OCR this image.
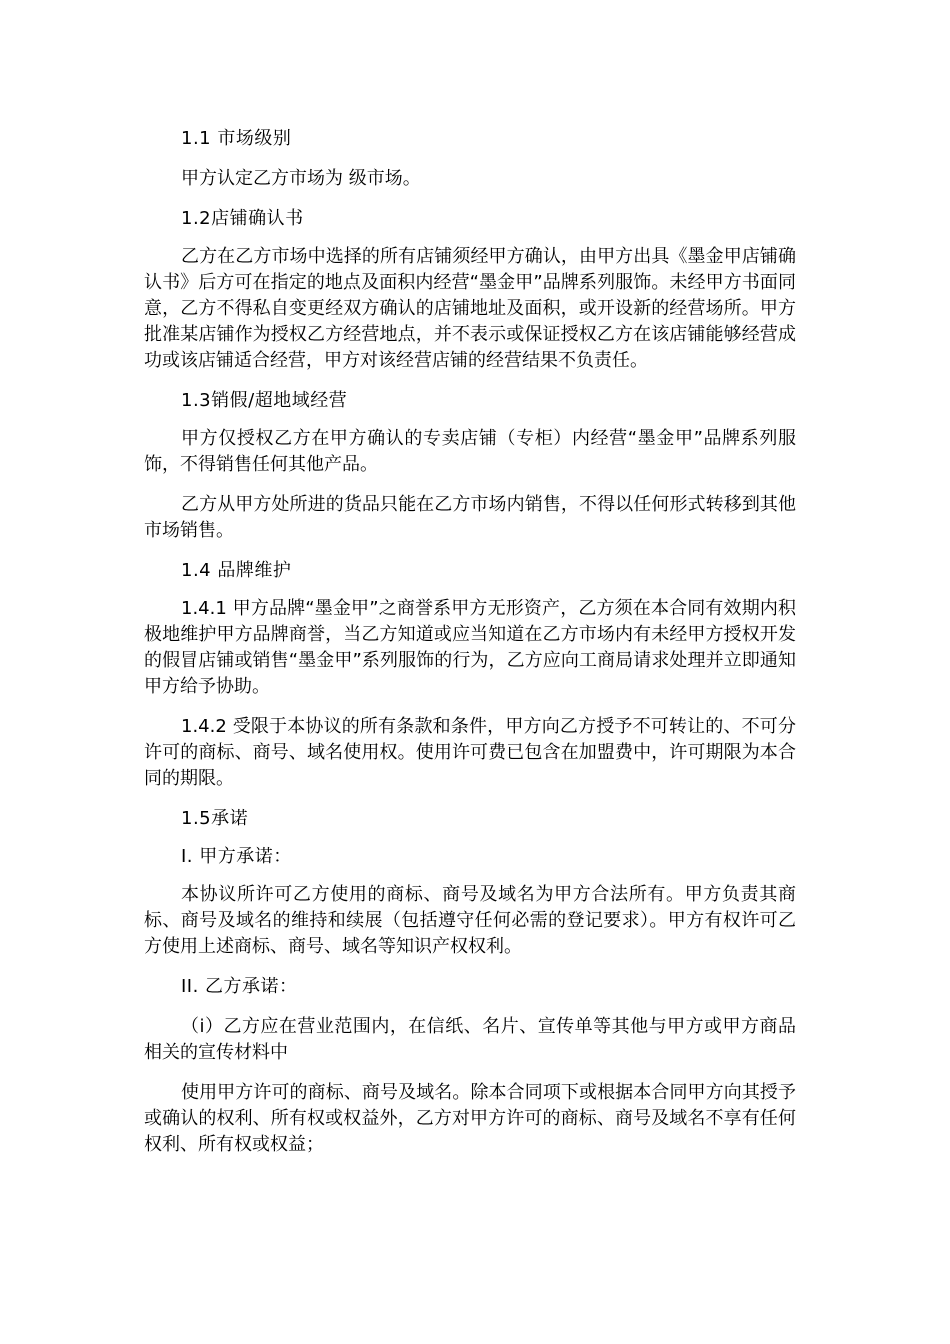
1.1 市场级别

甲方认定乙方市场为 级市场。

1.2店铺确认书

乙方在乙方市场中选择的所有店铺须经甲方确认，由甲方出具《墨金甲店铺确认书》后方可在指定的地点及面积内经营“墨金甲”品牌系列服饰。未经甲方书面同意，乙方不得私自变更经双方确认的店铺地址及面积，或开设新的经营场所。甲方批准某店铺作为授权乙方经营地点，并不表示或保证授权乙方在该店铺能够经营成功或该店铺适合经营，甲方对该经营店铺的经营结果不负责任。

1.3销假/超地域经营

甲方仅授权乙方在甲方确认的专卖店铺（专柜）内经营“墨金甲”品牌系列服饰，不得销售任何其他产品。

乙方从甲方处所进的货品只能在乙方市场内销售，不得以任何形式转移到其他市场销售。

1.4 品牌维护

1.4.1 甲方品牌“墨金甲”之商誉系甲方无形资产，乙方须在本合同有效期内积极地维护甲方品牌商誉，当乙方知道或应当知道在乙方市场内有未经甲方授权开发的假冒店铺或销售“墨金甲”系列服饰的行为，乙方应向工商局请求处理并立即通知甲方给予协助。

1.4.2 受限于本协议的所有条款和条件，甲方向乙方授予不可转让的、不可分许可的商标、商号、域名使用权。使用许可费已包含在加盟费中，许可期限为本合同的期限。

1.5承诺

I. 甲方承诺：

本协议所许可乙方使用的商标、商号及域名为甲方合法所有。甲方负责其商标、商号及域名的维持和续展（包括遵守任何必需的登记要求）。甲方有权许可乙方使用上述商标、商号、域名等知识产权权利。

II. 乙方承诺：

（i）乙方应在营业范围内，在信纸、名片、宣传单等其他与甲方或甲方商品相关的宣传材料中

使用甲方许可的商标、商号及域名。除本合同项下或根据本合同甲方向其授予或确认的权利、所有权或权益外，乙方对甲方许可的商标、商号及域名不享有任何权利、所有权或权益；
